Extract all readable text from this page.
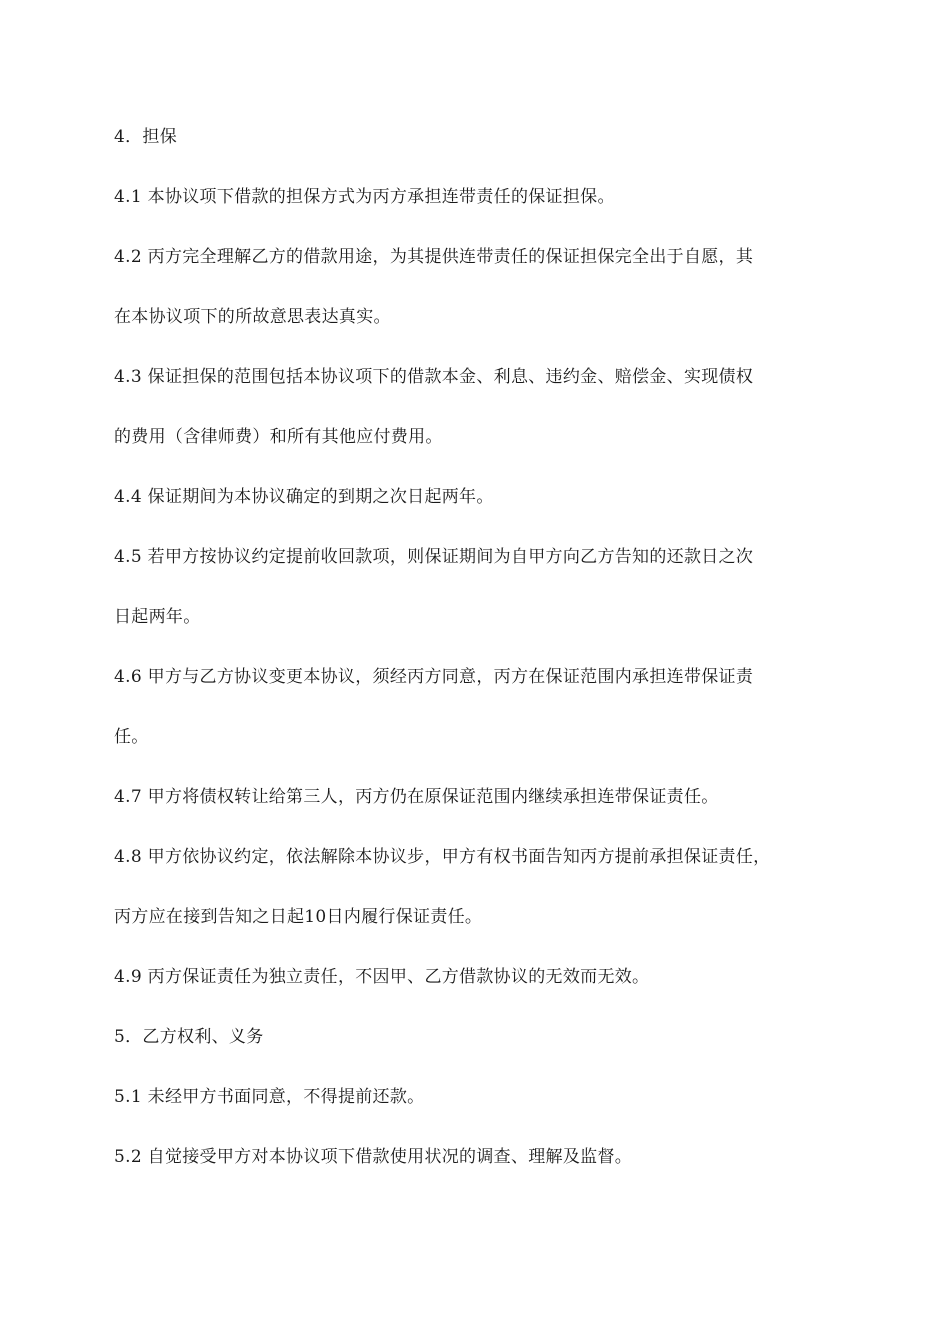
4．担保
4.1 本协议项下借款的担保方式为丙方承担连带责任的保证担保。
4.2 丙方完全理解乙方的借款用途，为其提供连带责任的保证担保完全出于自愿，其
在本协议项下的所故意思表达真实。
4.3 保证担保的范围包括本协议项下的借款本金、利息、违约金、赔偿金、实现债权
的费用（含律师费）和所有其他应付费用。
4.4 保证期间为本协议确定的到期之次日起两年。
4.5 若甲方按协议约定提前收回款项，则保证期间为自甲方向乙方告知的还款日之次
日起两年。
4.6 甲方与乙方协议变更本协议，须经丙方同意，丙方在保证范围内承担连带保证责
任。
4.7 甲方将债权转让给第三人，丙方仍在原保证范围内继续承担连带保证责任。
4.8 甲方依协议约定，依法解除本协议步，甲方有权书面告知丙方提前承担保证责任，
丙方应在接到告知之日起10日内履行保证责任。
4.9 丙方保证责任为独立责任，不因甲、乙方借款协议的无效而无效。
5．乙方权利、义务
5.1 未经甲方书面同意，不得提前还款。
5.2 自觉接受甲方对本协议项下借款使用状况的调查、理解及监督。
